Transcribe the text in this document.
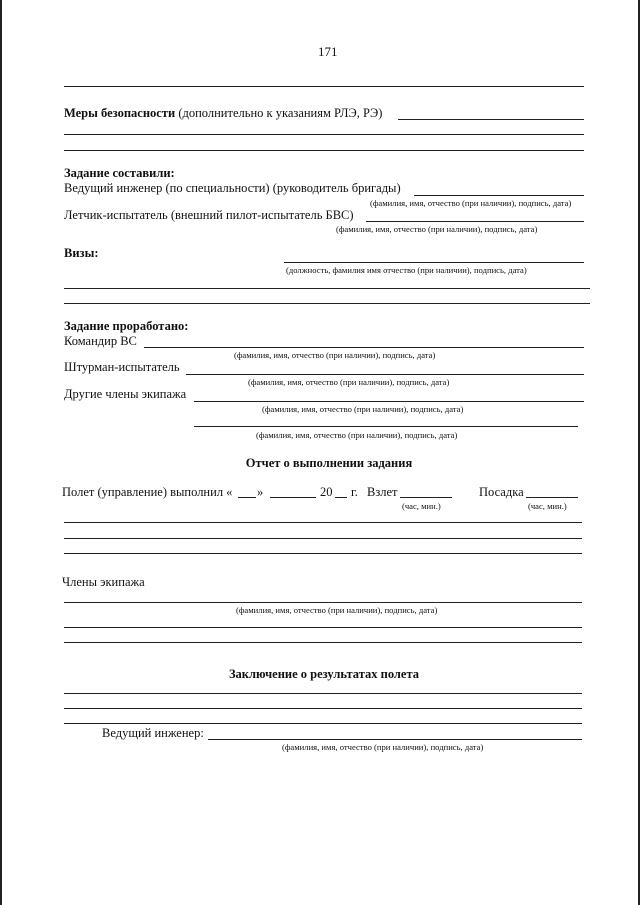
171
Меры безопасности (дополнительно к указаниям РЛЭ, РЭ)
Задание составили:
Ведущий инженер (по специальности) (руководитель бригады)
(фамилия, имя, отчество (при наличии), подпись, дата)
Летчик-испытатель (внешний пилот-испытатель БВС)
(фамилия, имя, отчество (при наличии), подпись, дата)
Визы:
(должность, фамилия имя отчество (при наличии), подпись, дата)
Задание проработано:
Командир ВС
(фамилия, имя, отчество (при наличии), подпись, дата)
Штурман-испытатель
(фамилия, имя, отчество (при наличии), подпись, дата)
Другие члены экипажа
(фамилия, имя, отчество (при наличии), подпись, дата)
(фамилия, имя, отчество (при наличии), подпись, дата)
Отчет о выполнении задания
Полет (управление) выполнил « »	20 г. Взлет
(час, мин.)
Посадка
(час, мин.)
Члены экипажа
(фамилия, имя, отчество (при наличии), подпись, дата)
Заключение о результатах полета
Ведущий инженер:
(фамилия, имя, отчество (при наличии), подпись, дата)
